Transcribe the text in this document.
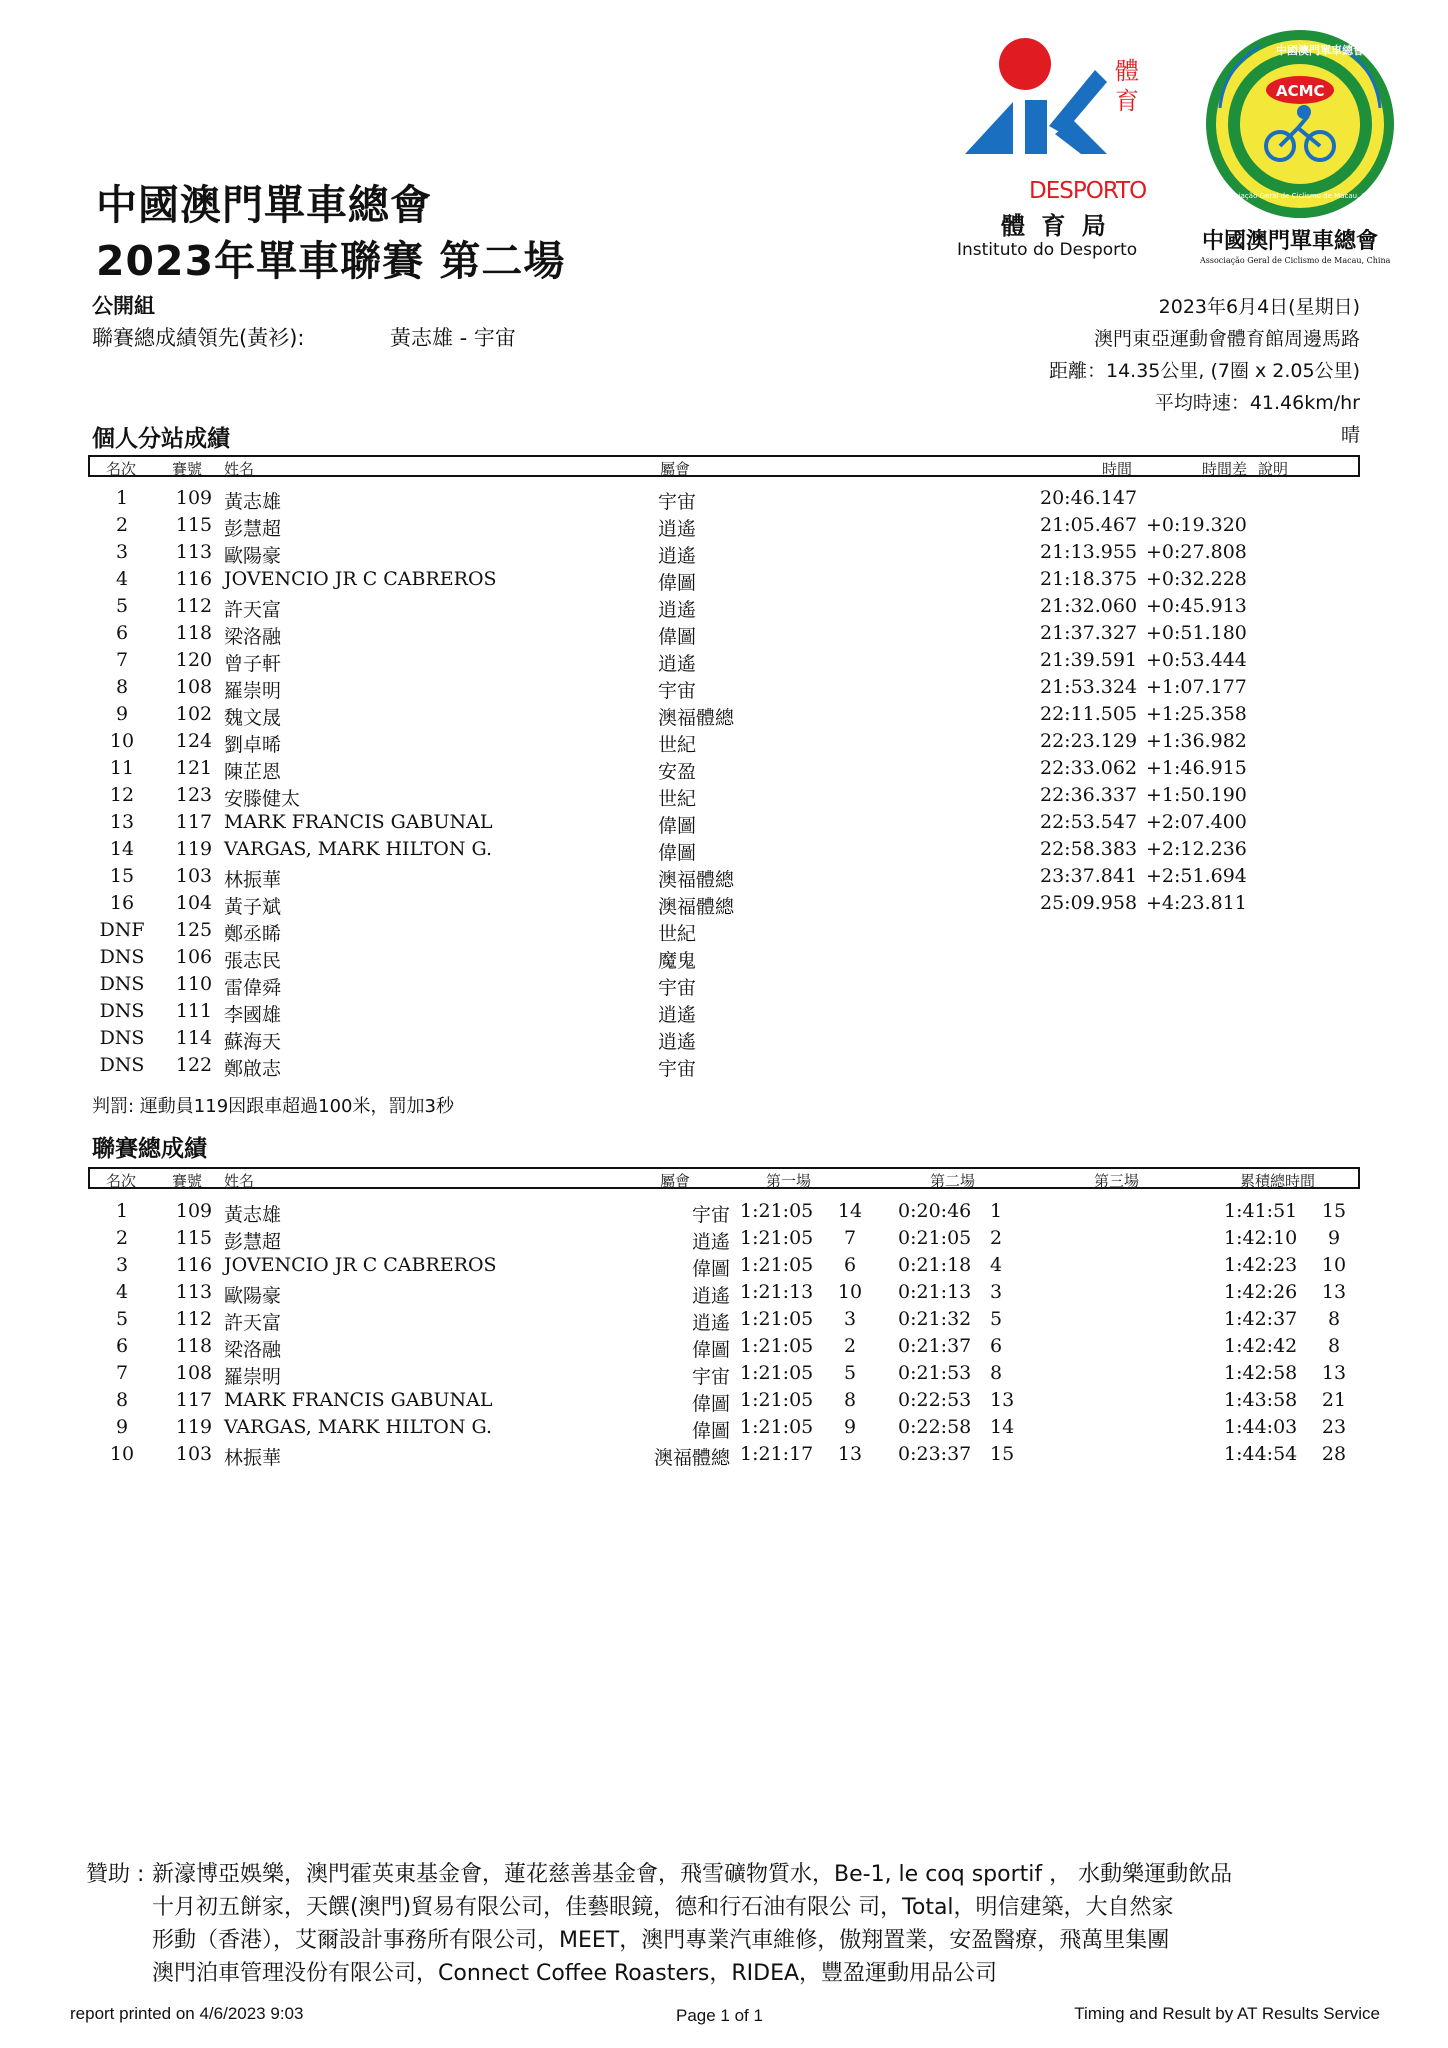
中國澳門單車總會
2023年單車聯賽 第二場
公開組
聯賽總成績領先(黃衫):	黃志雄 - 宇宙
體育
DESPORTO
體 育 局
Instituto do Desporto
中國澳門單車總會
ACMC
Associação Geral de Ciclismo de Macau, China
中國澳門單車總會
Associação Geral de Ciclismo de Macau, China
2023年6月4日(星期日)
澳門東亞運動會體育館周邊馬路
距離：14.35公里, (7圈 x 2.05公里)
平均時速：41.46km/hr
晴
個人分站成績
名次 賽號 姓名	屬會	時間	時間差 說明
1	109 黃志雄	宇宙	20:46.147
2	115 彭慧超	逍遙	21:05.467 +0:19.320
3	113 歐陽豪	逍遙	21:13.955 +0:27.808
4	116 JOVENCIO JR C CABREROS	偉圖	21:18.375 +0:32.228
5	112 許天富	逍遙	21:32.060 +0:45.913
6	118 梁洛融	偉圖	21:37.327 +0:51.180
7	120 曾子軒	逍遙	21:39.591 +0:53.444
8	108 羅崇明	宇宙	21:53.324 +1:07.177
9	102 魏文晟	澳福體總	22:11.505 +1:25.358
10	124 劉卓晞	世紀	22:23.129 +1:36.982
11	121 陳芷恩	安盈	22:33.062 +1:46.915
12	123 安滕健太	世紀	22:36.337 +1:50.190
13	117 MARK FRANCIS GABUNAL	偉圖	22:53.547 +2:07.400
14	119 VARGAS, MARK HILTON G.	偉圖	22:58.383 +2:12.236
15	103 林振華	澳福體總	23:37.841 +2:51.694
16	104 黃子斌	澳福體總	25:09.958 +4:23.811
DNF	125 鄭丞睎	世紀
DNS	106 張志民	魔鬼
DNS	110 雷偉舜	宇宙
DNS	111 李國雄	逍遙
DNS	114 蘇海天	逍遙
DNS	122 鄭啟志	宇宙
判罰: 運動員119因跟車超過100米，罰加3秒
聯賽總成績
名次 賽號 姓名	屬會	第一場	第二場	第三場	累積總時間
1	109 黃志雄	宇宙 1:21:05	14	0:20:46 1	1:41:51	15
2	115 彭慧超	逍遙 1:21:05	7	0:21:05 2	1:42:10	9
3	116 JOVENCIO JR C CABREROS	偉圖 1:21:05	6	0:21:18 4	1:42:23	10
4	113 歐陽豪	逍遙 1:21:13	10	0:21:13 3	1:42:26	13
5	112 許天富	逍遙 1:21:05	3	0:21:32 5	1:42:37	8
6	118 梁洛融	偉圖 1:21:05	2	0:21:37 6	1:42:42	8
7	108 羅崇明	宇宙 1:21:05	5	0:21:53 8	1:42:58	13
8	117 MARK FRANCIS GABUNAL	偉圖 1:21:05	8	0:22:53 13	1:43:58	21
9	119 VARGAS, MARK HILTON G.	偉圖 1:21:05	9	0:22:58 14	1:44:03	23
10	103 林振華	澳福體總 1:21:17	13	0:23:37 15	1:44:54	28
贊助 : 新濠博亞娛樂，澳門霍英東基金會，蓮花慈善基金會，飛雪礦物質水，Be-1, le coq sportif ， 水動樂運動飲品
十月初五餅家，天饌(澳門)貿易有限公司，佳藝眼鏡，德和行石油有限公 司，Total，明信建築，大自然家
形動（香港），艾爾設計事務所有限公司，MEET，澳門專業汽車維修，傲翔置業，安盈醫療，飛萬里集團
澳門泊車管理没份有限公司，Connect Coffee Roasters，RIDEA，豐盈運動用品公司
report printed on 4/6/2023 9:03	Page 1 of 1	Timing and Result by AT Results Service
